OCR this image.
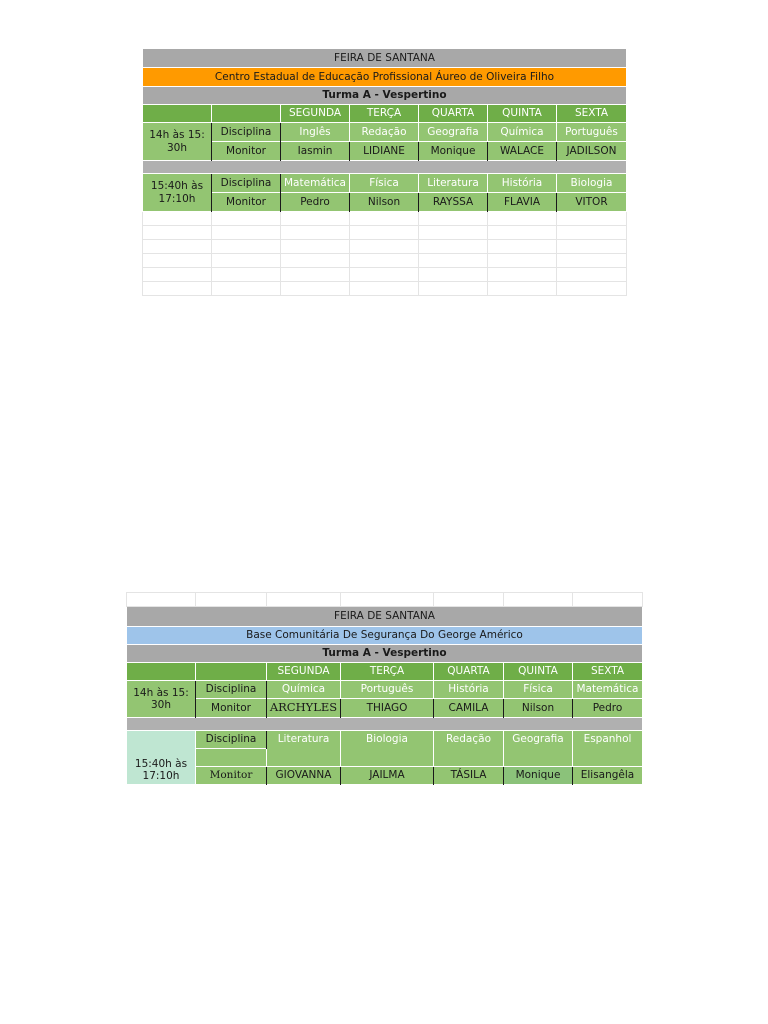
FEIRA DE SANTANA						
Centro Estadual de Educação Profissional Áureo de Oliveira Filho						
Turma A - Vespertino						
		SEGUNDA	TERÇA	QUARTA	QUINTA	SEXTA
14h às 15:
30h	Disciplina	Inglês	Redação	Geografia	Química	Português
	Monitor	Iasmin	LIDIANE	Monique	WALACE	JADILSON

15:40h às
17:10h	Disciplina	Matemática	Física	Literatura	História	Biologia
	Monitor	Pedro	Nilson	RAYSSA	FLAVIA	VITOR

FEIRA DE SANTANA						
Base Comunitária De Segurança Do George Américo						
Turma A - Vespertino						
		SEGUNDA	TERÇA	QUARTA	QUINTA	SEXTA
14h às 15:
30h	Disciplina	Química	Português	História	Física	Matemática
	Monitor	ARCHYLES	THIAGO	CAMILA	Nilson	Pedro

15:40h às
17:10h	Disciplina	Literatura	Biologia	Redação	Geografia	Espanhol

	Monitor	GIOVANNA	JAILMA	TÁSILA	Monique	Elisangêla
